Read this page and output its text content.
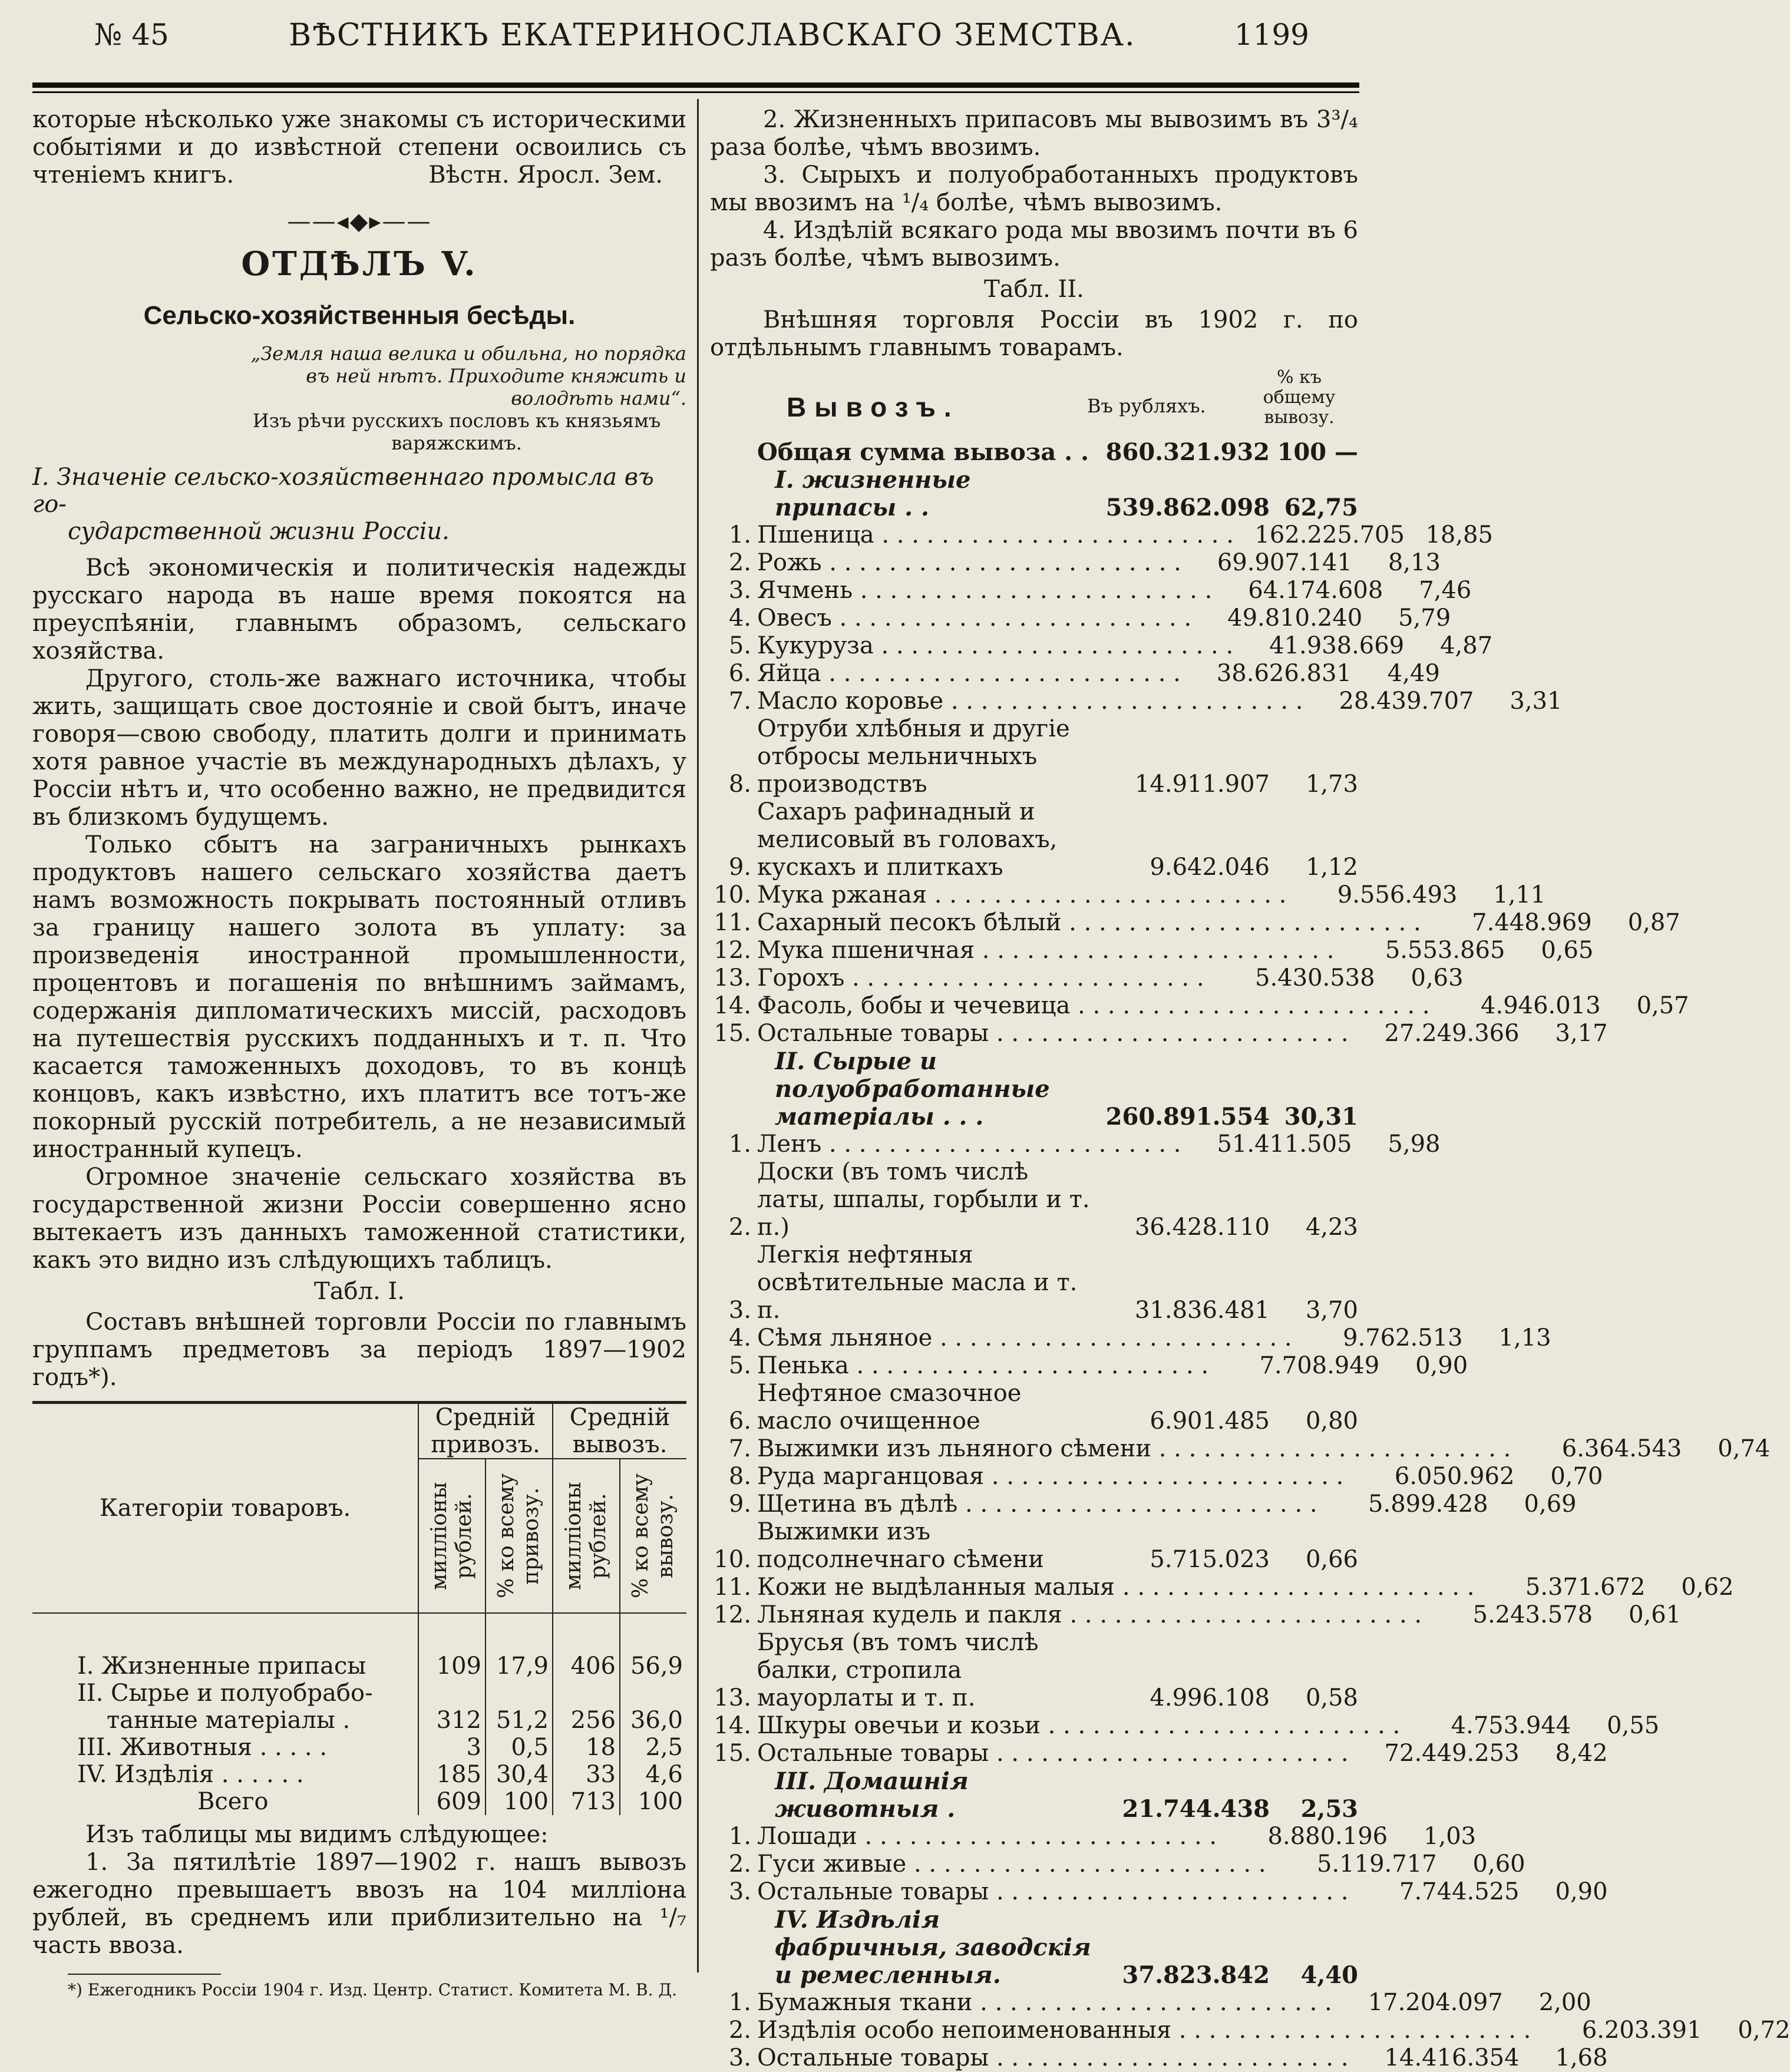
№ 45	ВѢСТНИКЪ ЕКАТЕРИНОСЛАВСКАГО ЗЕМСТВА.	1199

которые нѣсколько уже знакомы съ историческими событіями и до извѣстной степени освоились съ чтеніемъ книгъ.	Вѣстн. Яросл. Зем.

——◂◆▸——
ОТДѢЛЪ V.
Сельско-хозяйственныя бесѣды.
„Земля наша велика и обильна, но порядка въ ней нѣтъ. Приходите княжить и володѣть нами“.
Изъ рѣчи русскихъ пословъ къ князьямъ варяжскимъ.
I. Значеніе сельско-хозяйственнаго промысла въ го-
сударственной жизни Россіи.

Всѣ экономическія и политическія надежды русскаго народа въ наше время покоятся на преуспѣяніи, главнымъ образомъ, сельскаго хозяйства.

Другого, столь-же важнаго источника, чтобы жить, защищать свое достояніе и свой бытъ, иначе говоря—свою свободу, платить долги и принимать хотя равное участіе въ международныхъ дѣлахъ, у Россіи нѣтъ и, что особенно важно, не предвидится въ близкомъ будущемъ.

Только сбытъ на заграничныхъ рынкахъ продуктовъ нашего сельскаго хозяйства даетъ намъ возможность покрывать постоянный отливъ за границу нашего золота въ уплату: за произведенія иностранной промышленности, процентовъ и погашенія по внѣшнимъ займамъ, содержанія дипломатическихъ миссій, расходовъ на путешествія русскихъ подданныхъ и т. п. Что касается таможенныхъ доходовъ, то въ концѣ концовъ, какъ извѣстно, ихъ платитъ все тотъ-же покорный русскій потребитель, а не независимый иностранный купецъ.

Огромное значеніе сельскаго хозяйства въ государственной жизни Россіи совершенно ясно вытекаетъ изъ данныхъ таможенной статистики, какъ это видно изъ слѣдующихъ таблицъ.

Табл. I.

Составъ внѣшней торговли Россіи по главнымъ группамъ предметовъ за періодъ 1897—1902 годъ*).

Категоріи товаровъ.	Средній привозъ.		Средній вывозъ.	

	милліоны рублей.	% ко всему привозу.	милліоны рублей.	% ко всему вывозу.

I. Жизненные припасы	109	17,9	406	56,9

II. Сырье и полуобрабо-
танные матеріалы .	312	51,2	256	36,0

III. Животныя . . . . .	3	0,5	18	2,5

IV. Издѣлія . . . . . .	185	30,4	33	4,6
Всего	609	100	713	100

Изъ таблицы мы видимъ слѣдующее:

1. За пятилѣтіе 1897—1902 г. нашъ вывозъ ежегодно превышаетъ ввозъ на 104 милліона рублей, въ среднемъ или приблизительно на ¹/₇ часть ввоза.

*) Ежегодникъ Россіи 1904 г. Изд. Центр. Статист. Комитета М. В. Д.

2. Жизненныхъ припасовъ мы вывозимъ въ 3³/₄ раза болѣе, чѣмъ ввозимъ.

3. Сырыхъ и полуобработанныхъ продуктовъ мы ввозимъ на ¹/₄ болѣе, чѣмъ вывозимъ.

4. Издѣлій всякаго рода мы ввозимъ почти въ 6 разъ болѣе, чѣмъ вывозимъ.

Табл. II.

Внѣшняя торговля Россіи въ 1902 г. по отдѣльнымъ главнымъ товарамъ.

Вывозъ.	Въ рубляхъ.
% къ общему вывозу.
Общая сумма вывоза . . 860.321.932 100 —
I. жизненные припасы . .	539.862.098 62,75
1. Пшеница . . .	162.225.705 18,85
2. Рожь . . .	69.907.141	8,13
3. Ячмень . . .	64.174.608	7,46
4. Овесъ . . .	49.810.240	5,79
5. Кукуруза . . .	41.938.669	4,87
6. Яйца . . .	38.626.831	4,49
7. Масло коровье . . .	28.439.707	3,31
8.
Отруби хлѣбныя и другіе отбросы мельничныхъ производствъ	14.911.907	1,73
9.
Сахаръ рафинадный и мелисовый въ головахъ, кускахъ и плиткахъ	9.642.046	1,12
10. Мука ржаная . . .	9.556.493	1,11
11. Сахарный песокъ бѣлый . . .	7.448.969	0,87
12. Мука пшеничная . . .	5.553.865	0,65
13. Горохъ . . .	5.430.538	0,63
14. Фасоль, бобы и чечевица . . .	4.946.013	0,57
15. Остальные товары . . .	27.249.366	3,17
II. Сырые и полуобработанные матеріалы . . .	260.891.554 30,31
1. Ленъ . . .	51.411.505	5,98
2.
Доски (въ томъ числѣ латы, шпалы, горбыли и т. п.)	36.428.110	4,23
3.
Легкія нефтяныя освѣтительные масла и т. п.	31.836.481	3,70
4. Сѣмя льняное . . .	9.762.513	1,13
5. Пенька . . .	7.708.949	0,90
6.
Нефтяное смазочное масло очищенное	6.901.485	0,80
7. Выжимки изъ льняного сѣмени . . .	6.364.543	0,74
8. Руда марганцовая . . .	6.050.962	0,70
9. Щетина въ дѣлѣ . . .	5.899.428	0,69
10.
Выжимки изъ подсолнечнаго сѣмени	5.715.023	0,66
11. Кожи не выдѣланныя малыя . . .	5.371.672	0,62
12. Льняная кудель и пакля . . .	5.243.578	0,61
13.
Брусья (въ томъ числѣ балки, стропила мауорлаты и т. п.	4.996.108	0,58
14. Шкуры овечьи и козьи . . .	4.753.944	0,55
15. Остальные товары . . .	72.449.253	8,42
III. Домашнія животныя .	21.744.438	2,53
1. Лошади . . .	8.880.196	1,03
2. Гуси живые . . .	5.119.717	0,60
3. Остальные товары . . .	7.744.525	0,90
IV. Издѣлія фабричныя, заводскія и ремесленныя.	37.823.842	4,40
1. Бумажныя ткани . . .	17.204.097	2,00
2. Издѣлія особо непоименованныя . . .	6.203.391	0,72
3. Остальные товары . . .	14.416.354	1,68
